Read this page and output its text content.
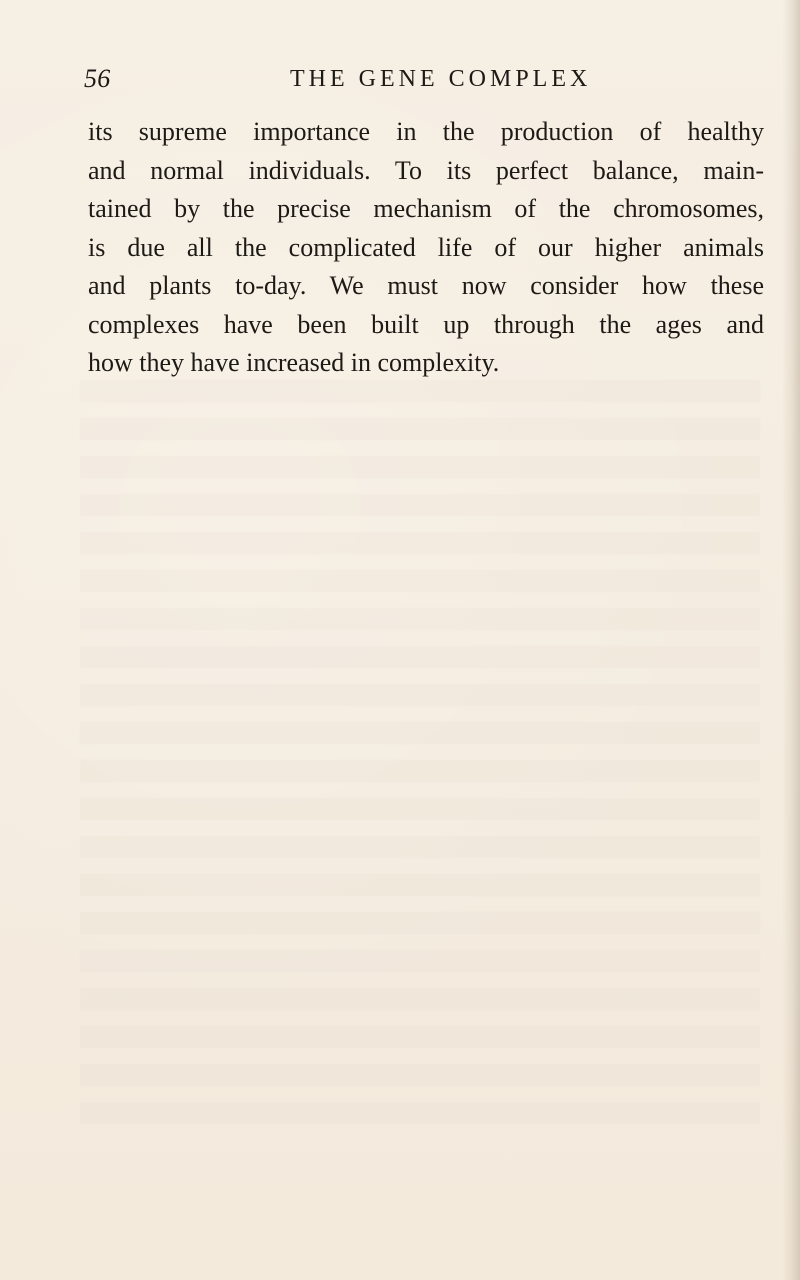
56	THE GENE COMPLEX
its supreme importance in the production of healthy
and normal individuals. To its perfect balance, main-
tained by the precise mechanism of the chromosomes,
is due all the complicated life of our higher animals
and plants to-day. We must now consider how these
complexes have been built up through the ages and
how they have increased in complexity.
